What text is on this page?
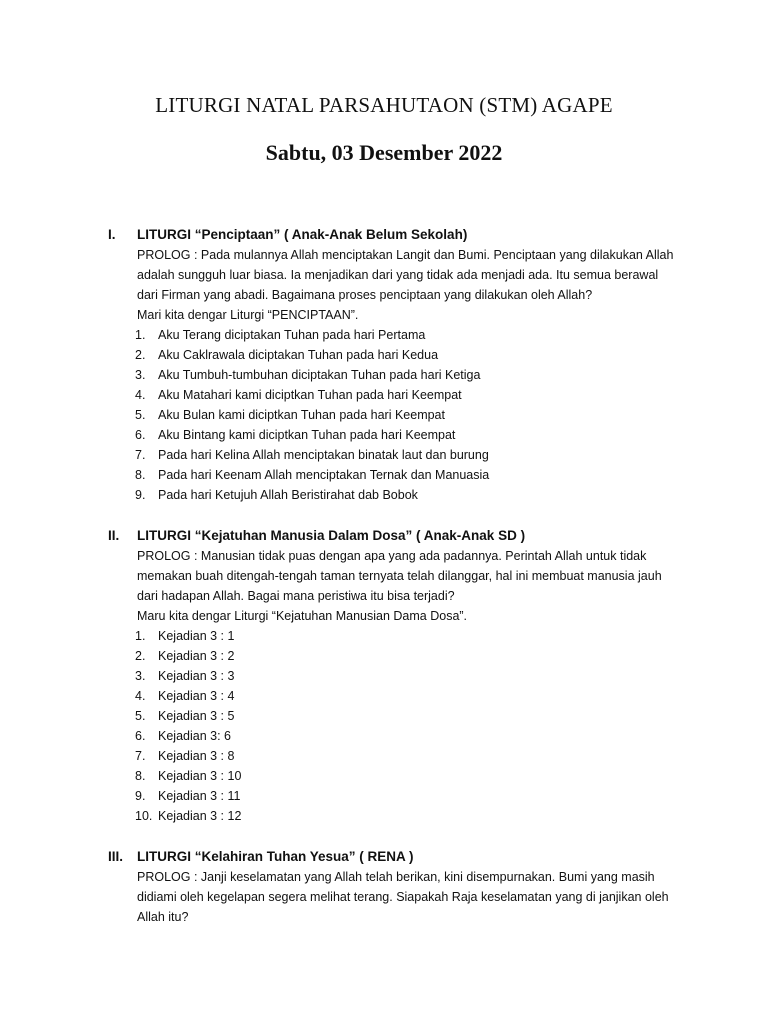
LITURGI NATAL PARSAHUTAON (STM) AGAPE
Sabtu, 03 Desember 2022
I. LITURGI “Penciptaan” ( Anak-Anak Belum Sekolah)
PROLOG : Pada mulannya Allah menciptakan Langit dan Bumi. Penciptaan yang dilakukan Allah
adalah sungguh luar biasa. Ia menjadikan dari yang tidak ada menjadi ada. Itu semua berawal
dari Firman yang abadi. Bagaimana proses penciptaan yang dilakukan oleh Allah?
Mari kita dengar Liturgi “PENCIPTAAN”.
1. Aku Terang diciptakan Tuhan pada hari Pertama
2. Aku Caklrawala diciptakan Tuhan pada hari Kedua
3. Aku Tumbuh-tumbuhan diciptakan Tuhan pada hari Ketiga
4. Aku Matahari kami diciptkan Tuhan pada hari Keempat
5. Aku Bulan kami diciptkan Tuhan pada hari Keempat
6. Aku Bintang kami diciptkan Tuhan pada hari Keempat
7. Pada hari Kelina Allah menciptakan binatak laut dan burung
8. Pada hari Keenam Allah menciptakan Ternak dan Manuasia
9. Pada hari Ketujuh Allah Beristirahat dab Bobok
II. LITURGI “Kejatuhan Manusia Dalam Dosa” ( Anak-Anak SD )
PROLOG : Manusian tidak puas dengan apa yang ada padannya. Perintah Allah untuk tidak
memakan buah ditengah-tengah taman ternyata telah dilanggar, hal ini membuat manusia jauh
dari hadapan Allah. Bagai mana peristiwa itu bisa terjadi?
Maru kita dengar Liturgi “Kejatuhan Manusian Dama Dosa”.
1. Kejadian 3 : 1
2. Kejadian 3 : 2
3. Kejadian 3 : 3
4. Kejadian 3 : 4
5. Kejadian 3 : 5
6. Kejadian 3: 6
7. Kejadian 3 : 8
8. Kejadian 3 : 10
9. Kejadian 3 : 11
10. Kejadian 3 : 12
III. LITURGI “Kelahiran Tuhan Yesua” ( RENA )
PROLOG : Janji keselamatan yang Allah telah berikan, kini disempurnakan. Bumi yang masih
didiami oleh kegelapan segera melihat terang. Siapakah Raja keselamatan yang di janjikan oleh
Allah itu?
